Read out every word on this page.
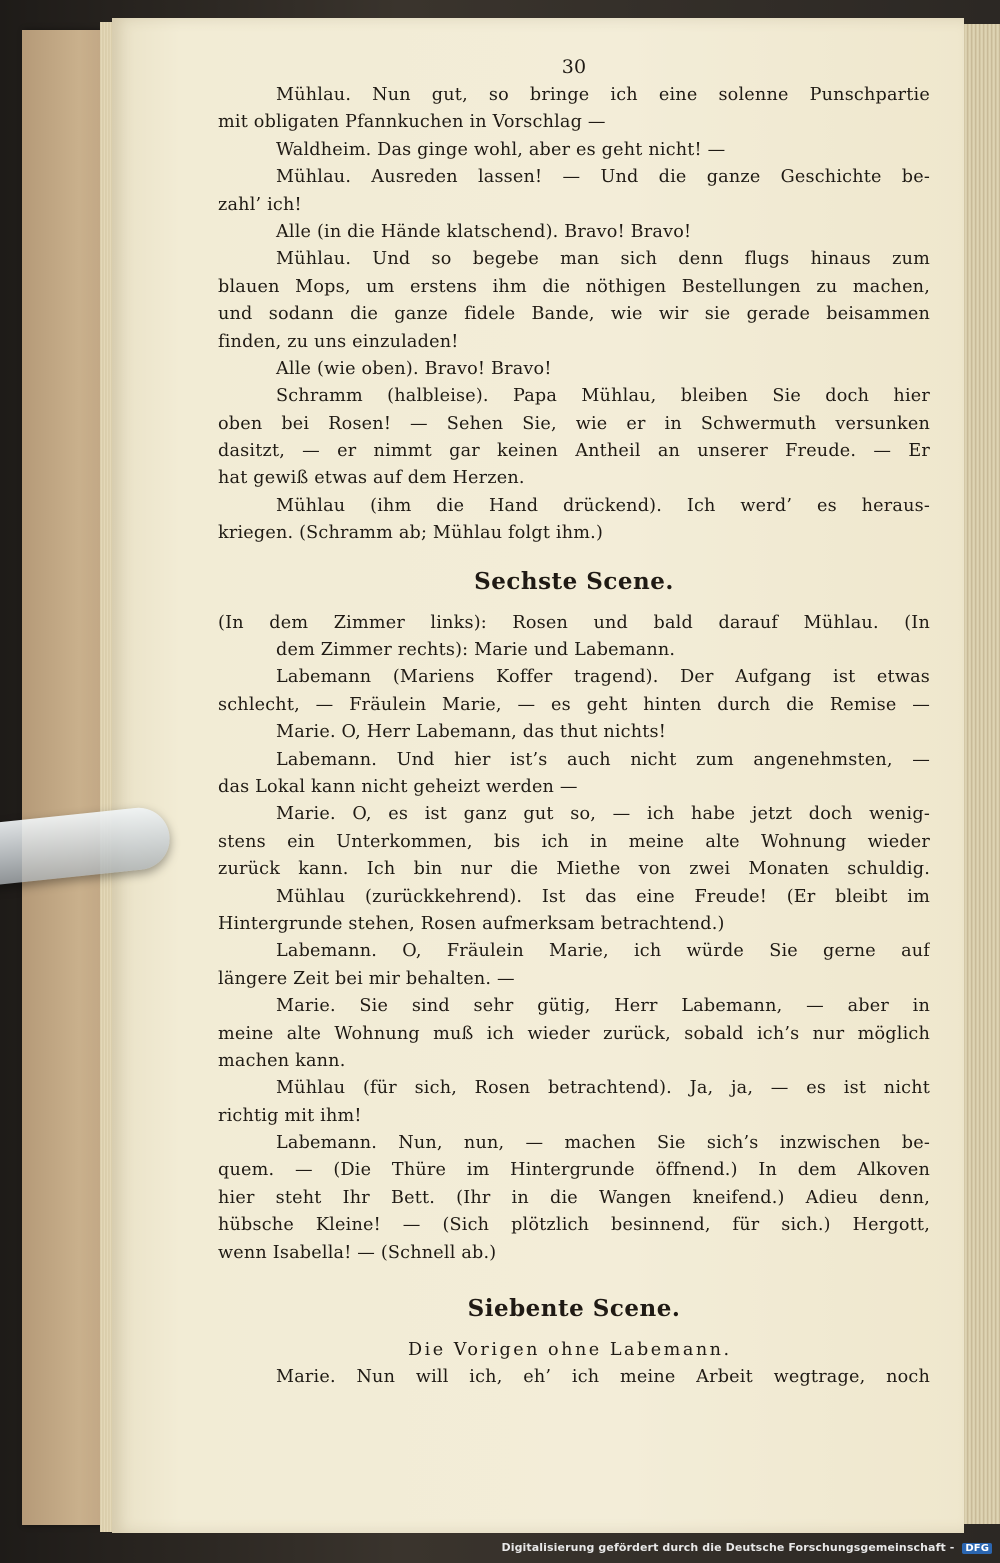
30
Mühlau. Nun gut, so bringe ich eine solenne Punschpartie
mit obligaten Pfannkuchen in Vorschlag —
Waldheim. Das ginge wohl, aber es geht nicht! —
Mühlau. Ausreden lassen! — Und die ganze Geschichte be-
zahl’ ich!
Alle (in die Hände klatschend). Bravo! Bravo!
Mühlau. Und so begebe man sich denn flugs hinaus zum
blauen Mops, um erstens ihm die nöthigen Bestellungen zu machen,
und sodann die ganze fidele Bande, wie wir sie gerade beisammen
finden, zu uns einzuladen!
Alle (wie oben). Bravo! Bravo!
Schramm (halbleise). Papa Mühlau, bleiben Sie doch hier
oben bei Rosen! — Sehen Sie, wie er in Schwermuth versunken
dasitzt, — er nimmt gar keinen Antheil an unserer Freude. — Er
hat gewiß etwas auf dem Herzen.
Mühlau (ihm die Hand drückend). Ich werd’ es heraus-
kriegen. (Schramm ab; Mühlau folgt ihm.)
Sechste Scene.
(In dem Zimmer links): Rosen und bald darauf Mühlau. (In
dem Zimmer rechts): Marie und Labemann.
Labemann (Mariens Koffer tragend). Der Aufgang ist etwas
schlecht, — Fräulein Marie, — es geht hinten durch die Remise —
Marie. O, Herr Labemann, das thut nichts!
Labemann. Und hier ist’s auch nicht zum angenehmsten, —
das Lokal kann nicht geheizt werden —
Marie. O, es ist ganz gut so, — ich habe jetzt doch wenig-
stens ein Unterkommen, bis ich in meine alte Wohnung wieder
zurück kann. Ich bin nur die Miethe von zwei Monaten schuldig.
Mühlau (zurückkehrend). Ist das eine Freude! (Er bleibt im
Hintergrunde stehen, Rosen aufmerksam betrachtend.)
Labemann. O, Fräulein Marie, ich würde Sie gerne auf
längere Zeit bei mir behalten. —
Marie. Sie sind sehr gütig, Herr Labemann, — aber in
meine alte Wohnung muß ich wieder zurück, sobald ich’s nur möglich
machen kann.
Mühlau (für sich, Rosen betrachtend). Ja, ja, — es ist nicht
richtig mit ihm!
Labemann. Nun, nun, — machen Sie sich’s inzwischen be-
quem. — (Die Thüre im Hintergrunde öffnend.) In dem Alkoven
hier steht Ihr Bett. (Ihr in die Wangen kneifend.) Adieu denn,
hübsche Kleine! — (Sich plötzlich besinnend, für sich.) Hergott,
wenn Isabella! — (Schnell ab.)
Siebente Scene.
Die Vorigen ohne Labemann.
Marie. Nun will ich, eh’ ich meine Arbeit wegtrage, noch
Digitalisierung gefördert durch die Deutsche Forschungsgemeinschaft - DFG
